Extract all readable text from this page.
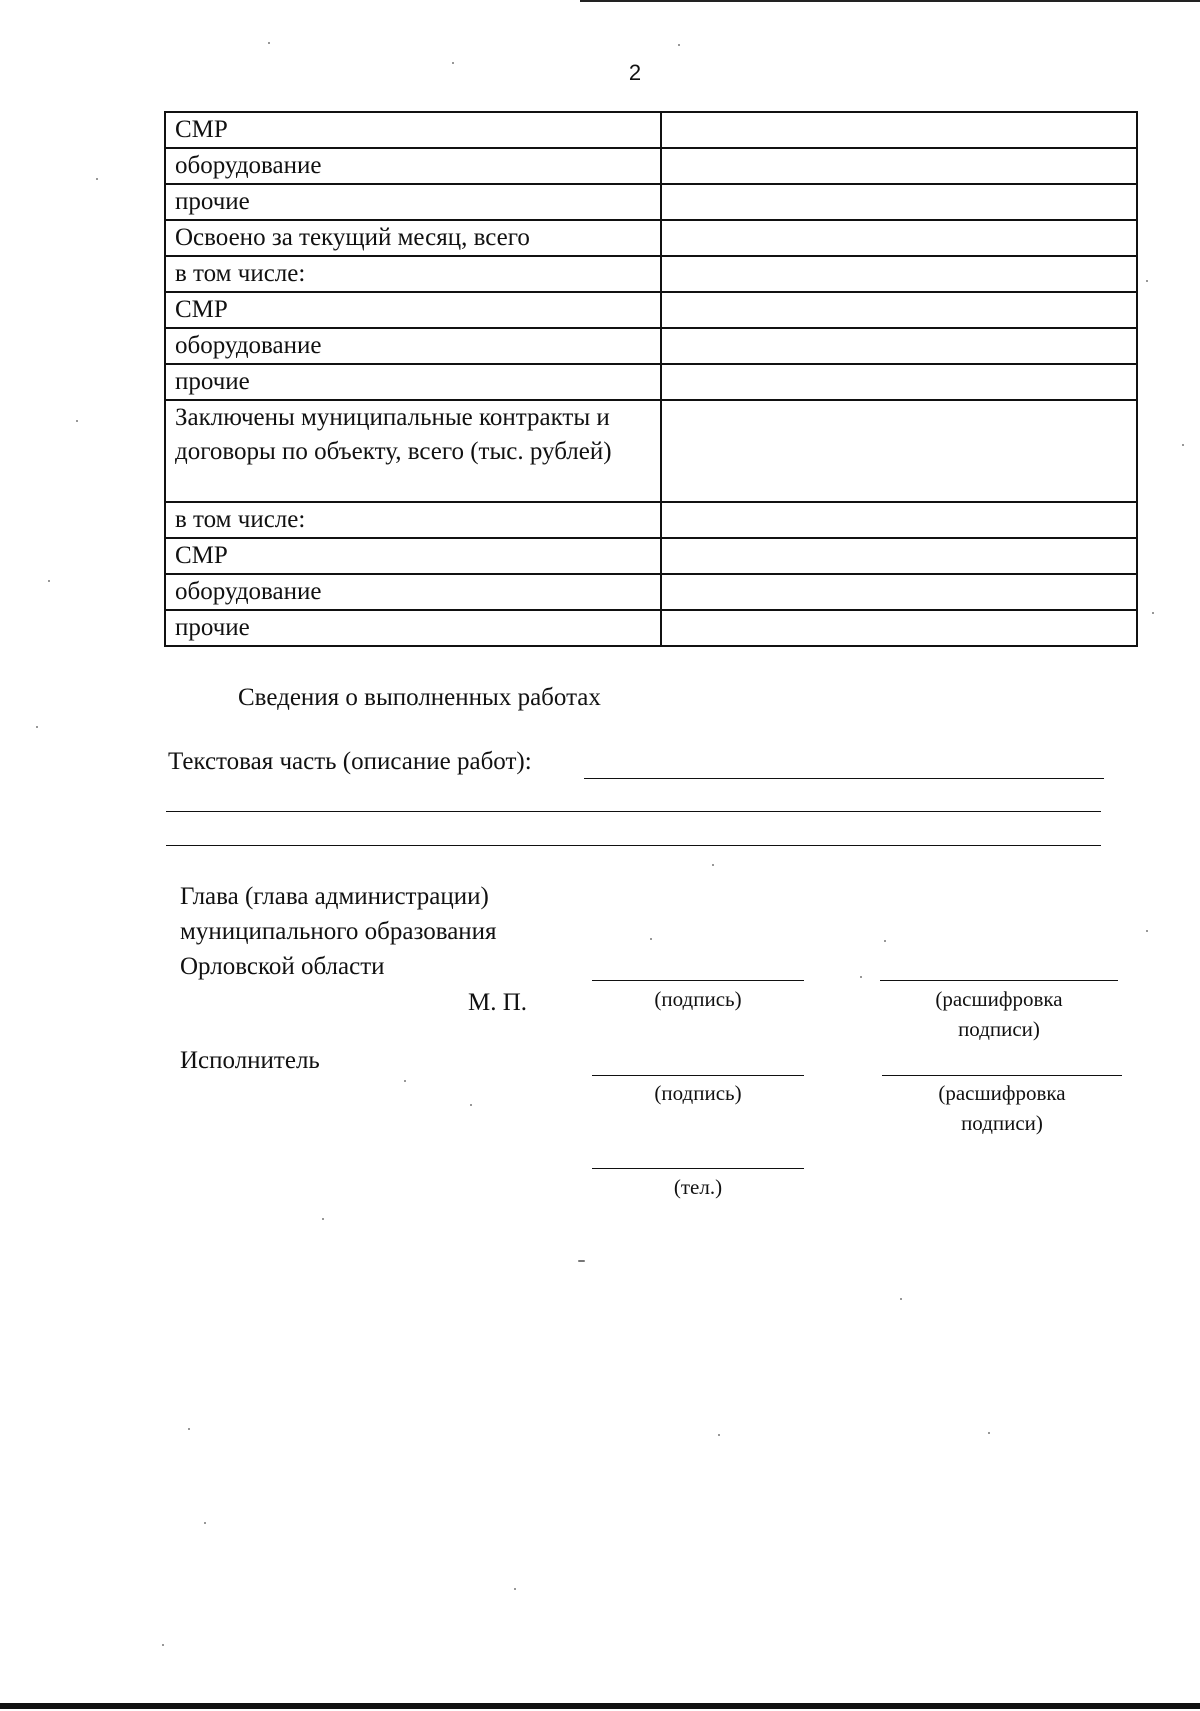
2
СМР	
оборудование	
прочие	
Освоено за текущий месяц, всего	
в том числе:	
СМР	
оборудование	
прочие	
Заключены муниципальные контракты и договоры по объекту, всего (тыс. рублей)	
в том числе:	
СМР	
оборудование	
прочие	
Сведения о выполненных работах
Текстовая часть (описание работ):
Глава (глава администрации)
муниципального образования
Орловской области
М. П.	(подпись)	(расшифровка
подписи)
Исполнитель
(подпись)	(расшифровка
подписи)
(тел.)
